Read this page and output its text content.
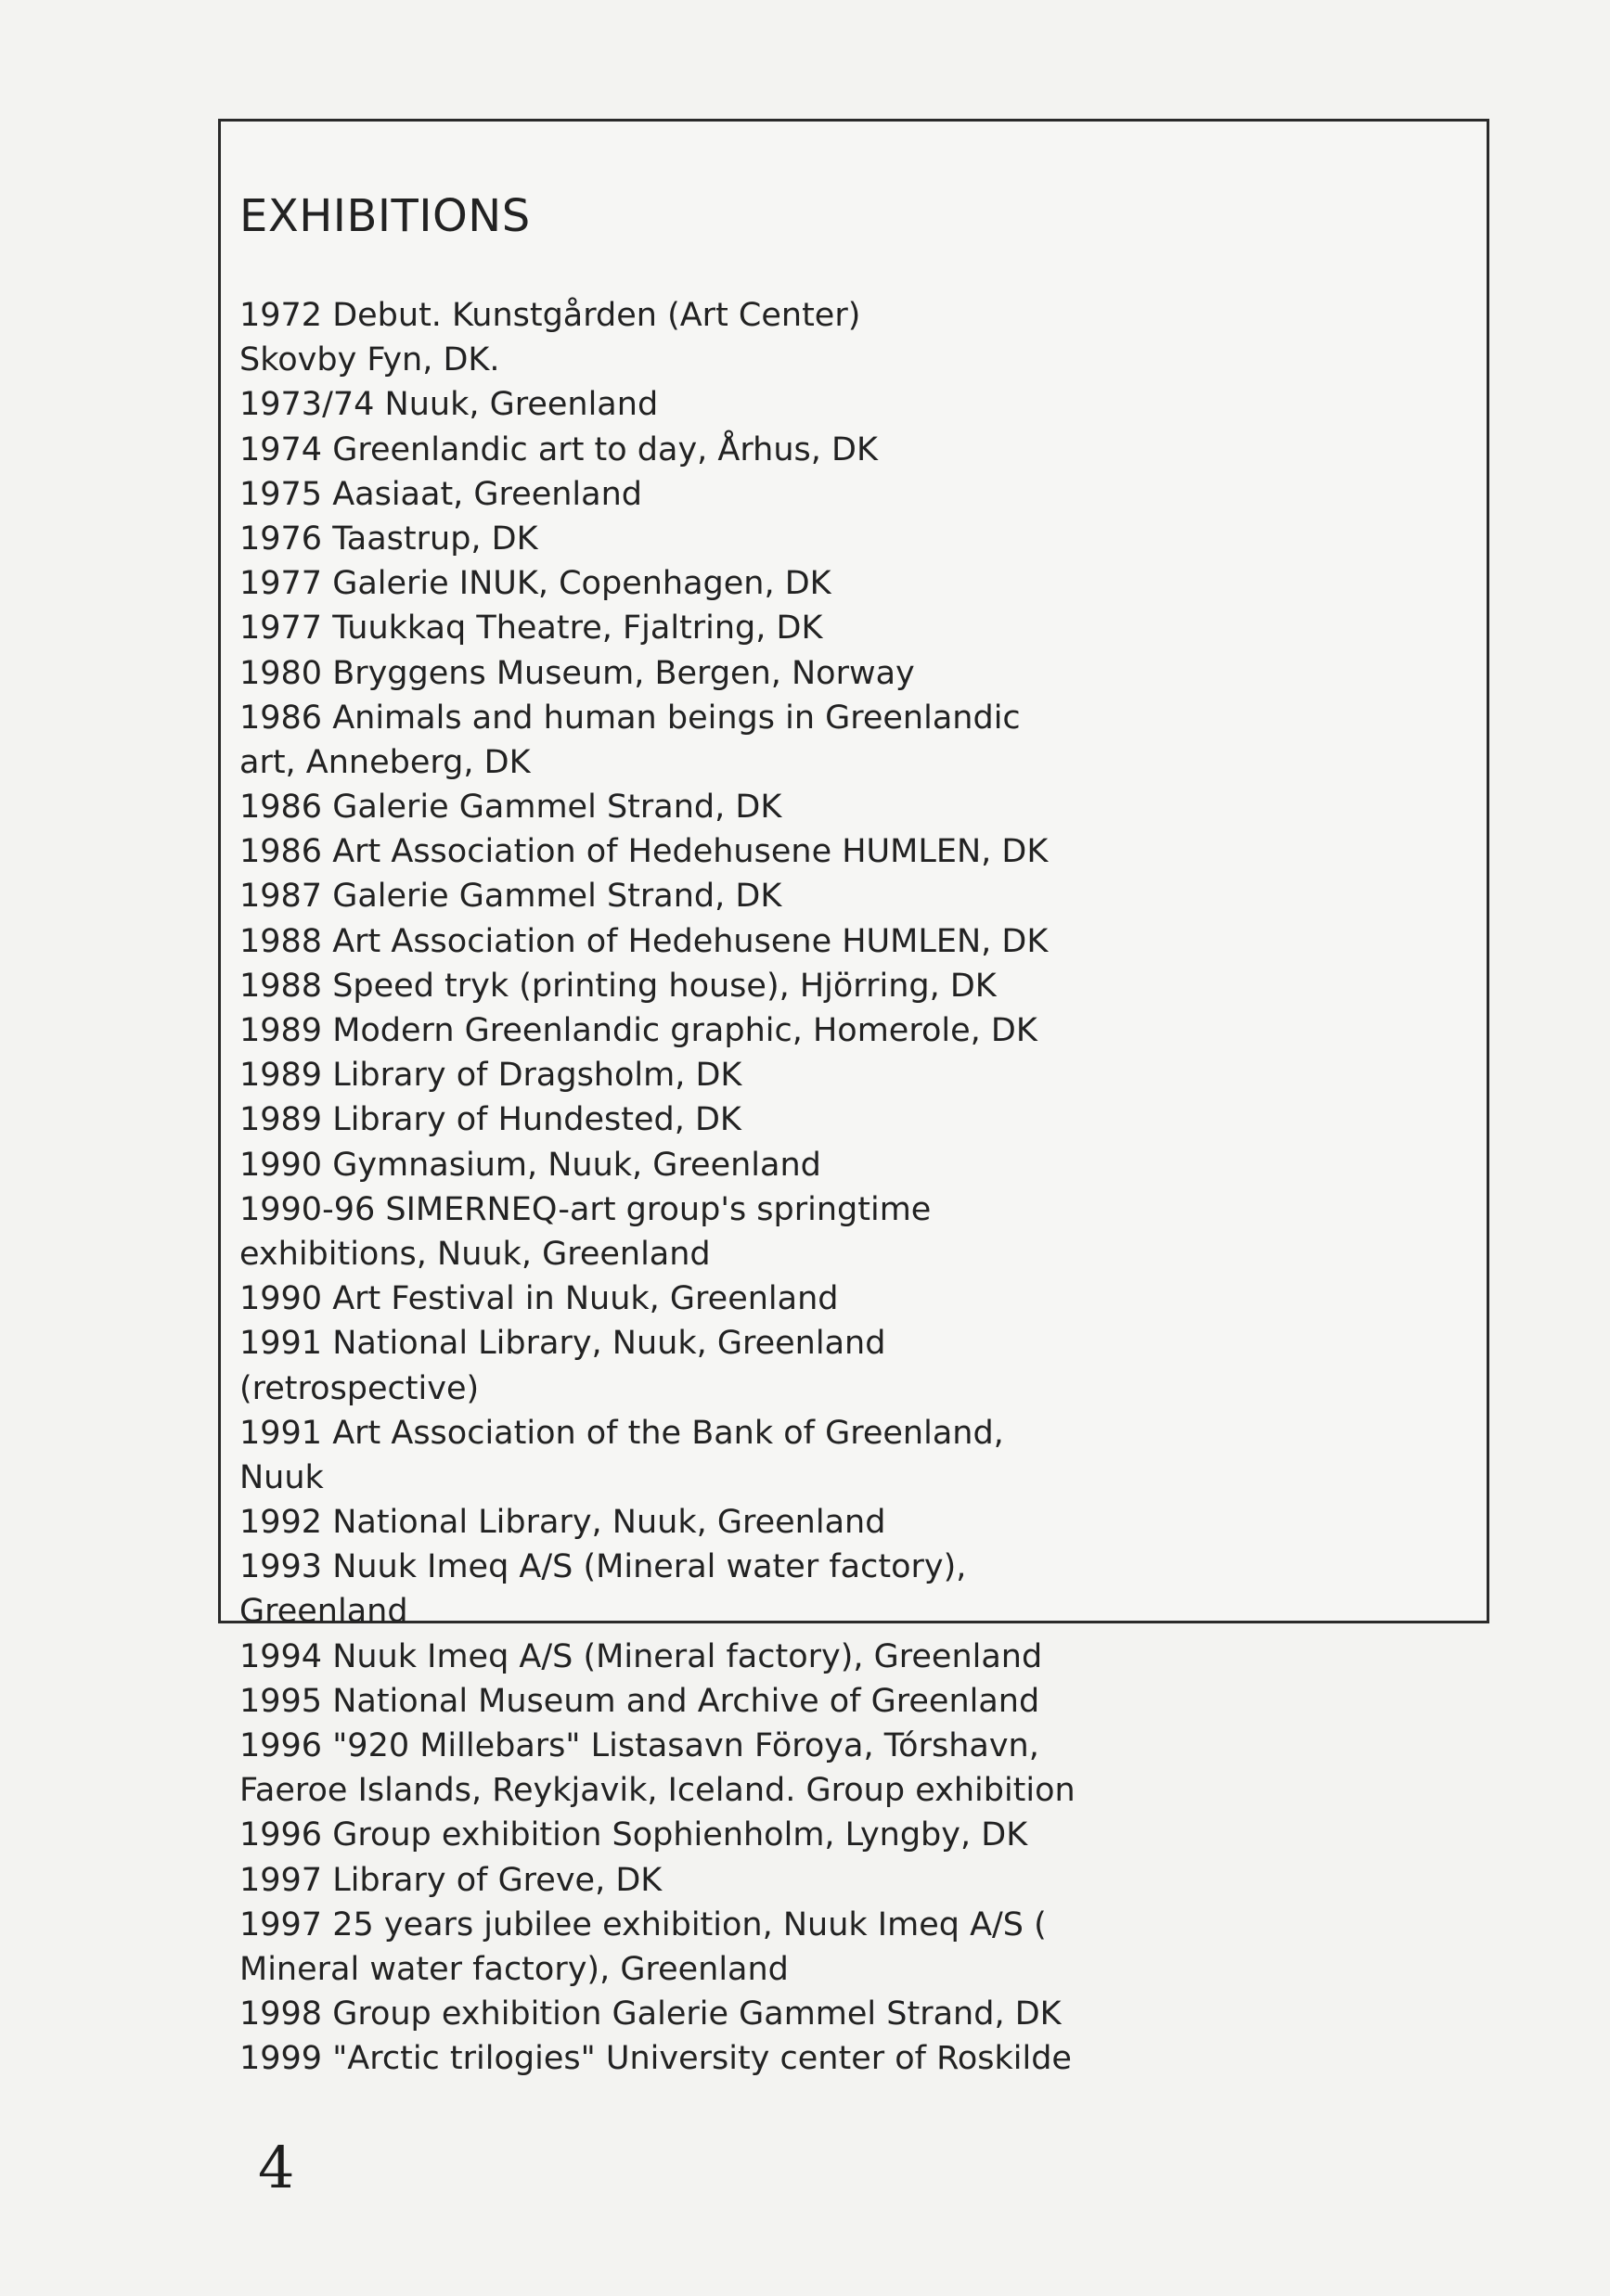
EXHIBITIONS
1972 Debut. Kunstgården (Art Center)
Skovby Fyn, DK.
1973/74 Nuuk, Greenland
1974 Greenlandic art to day, Århus, DK
1975 Aasiaat, Greenland
1976 Taastrup, DK
1977 Galerie INUK, Copenhagen, DK
1977 Tuukkaq Theatre, Fjaltring, DK
1980 Bryggens Museum, Bergen, Norway
1986 Animals and human beings in Greenlandic
art, Anneberg, DK
1986 Galerie Gammel Strand, DK
1986 Art Association of Hedehusene HUMLEN, DK
1987 Galerie Gammel Strand, DK
1988 Art Association of Hedehusene HUMLEN, DK
1988 Speed tryk (printing house), Hjörring, DK
1989 Modern Greenlandic graphic, Homerole, DK
1989 Library of Dragsholm, DK
1989 Library of Hundested, DK
1990 Gymnasium, Nuuk, Greenland
1990-96 SIMERNEQ-art group's springtime
exhibitions, Nuuk, Greenland
1990 Art Festival in Nuuk, Greenland
1991 National Library, Nuuk, Greenland
(retrospective)
1991 Art Association of the Bank of Greenland,
Nuuk
1992 National Library, Nuuk, Greenland
1993 Nuuk Imeq A/S (Mineral water factory),
Greenland
1994 Nuuk Imeq A/S (Mineral factory), Greenland
1995 National Museum and Archive of Greenland
1996 "920 Millebars" Listasavn Föroya, Tórshavn,
Faeroe Islands, Reykjavik, Iceland. Group exhibition
1996 Group exhibition Sophienholm, Lyngby, DK
1997 Library of Greve, DK
1997 25 years jubilee exhibition, Nuuk Imeq A/S (
Mineral water factory), Greenland
1998 Group exhibition Galerie Gammel Strand, DK
1999 "Arctic trilogies" University center of Roskilde
4
